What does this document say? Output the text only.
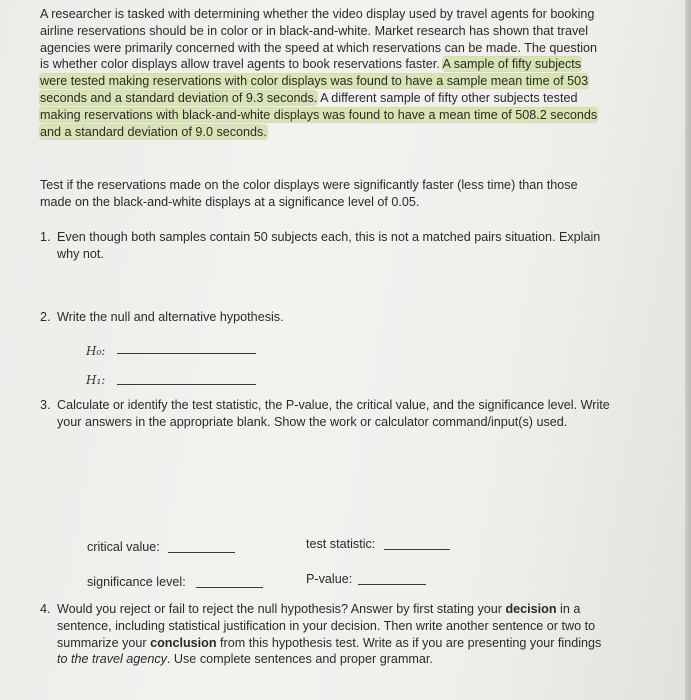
A researcher is tasked with determining whether the video display used by travel agents for booking
airline reservations should be in color or in black-and-white. Market research has shown that travel
agencies were primarily concerned with the speed at which reservations can be made. The question
is whether color displays allow travel agents to book reservations faster. A sample of fifty subjects
were tested making reservations with color displays was found to have a sample mean time of 503
seconds and a standard deviation of 9.3 seconds. A different sample of fifty other subjects tested
making reservations with black-and-white displays was found to have a mean time of 508.2 seconds
and a standard deviation of 9.0 seconds.
Test if the reservations made on the color displays were significantly faster (less time) than those
made on the black-and-white displays at a significance level of 0.05.
1. Even though both samples contain 50 subjects each, this is not a matched pairs situation. Explain
why not.
2. Write the null and alternative hypothesis.
H₀:
H₁:
3. Calculate or identify the test statistic, the P-value, the critical value, and the significance level. Write
your answers in the appropriate blank. Show the work or calculator command/input(s) used.
critical value:	test statistic:
significance level:	P-value:
4. Would you reject or fail to reject the null hypothesis? Answer by first stating your decision in a
sentence, including statistical justification in your decision. Then write another sentence or two to
summarize your conclusion from this hypothesis test. Write as if you are presenting your findings
to the travel agency. Use complete sentences and proper grammar.
